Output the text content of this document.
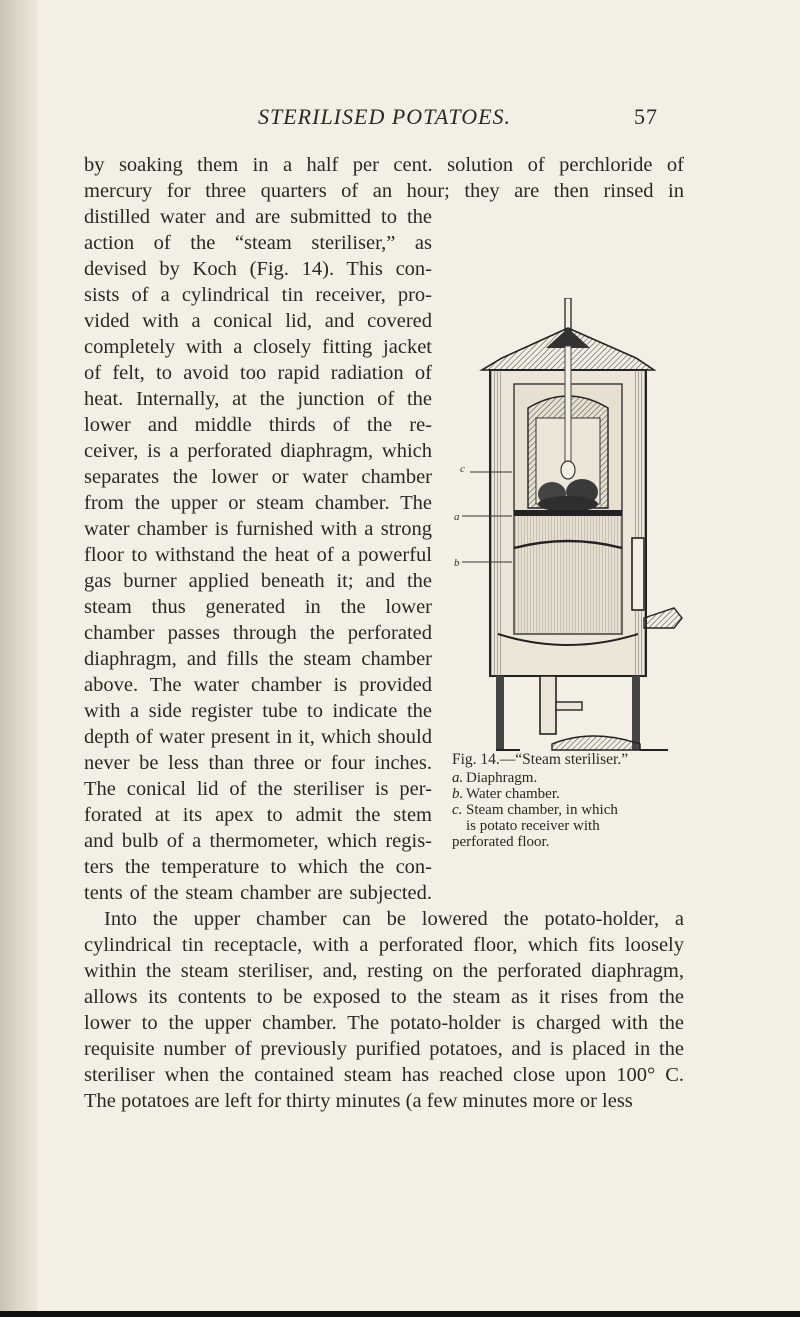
STERILISED POTATOES.	57
by soaking them in a half per cent. solution of perchloride of
mercury for three quarters of an hour; they are then rinsed in
distilled water and are submitted to the
action of the “steam steriliser,” as
devised by Koch (Fig. 14). This con-
sists of a cylindrical tin receiver, pro-
vided with a conical lid, and covered
completely with a closely fitting jacket
of felt, to avoid too rapid radiation of
heat. Internally, at the junction of the
lower and middle thirds of the re-
ceiver, is a perforated diaphragm, which
separates the lower or water chamber
from the upper or steam chamber. The
water chamber is furnished with a strong
floor to withstand the heat of a powerful
gas burner applied beneath it; and the
steam thus generated in the lower
chamber passes through the perforated
diaphragm, and fills the steam chamber
above. The water chamber is provided
with a side register tube to indicate the
depth of water present in it, which should
never be less than three or four inches.
The conical lid of the steriliser is per-
forated at its apex to admit the stem
and bulb of a thermometer, which regis-
ters the temperature to which the con-
tents of the steam chamber are subjected.
Into the upper chamber can be lowered the potato-holder, a
cylindrical tin receptacle, with a perforated floor, which fits loosely
within the steam steriliser, and, resting on the perforated diaphragm,
allows its contents to be exposed to the steam as it rises from the
lower to the upper chamber. The potato-holder is charged with the
requisite number of previously purified potatoes, and is placed in the
steriliser when the contained steam has reached close upon 100° C.
The potatoes are left for thirty minutes (a few minutes more or less
c
a
b
Fig. 14.—“Steam steriliser.”
a. Diaphragm.
b. Water chamber.
c. Steam chamber, in which
is potato receiver with
perforated floor.
